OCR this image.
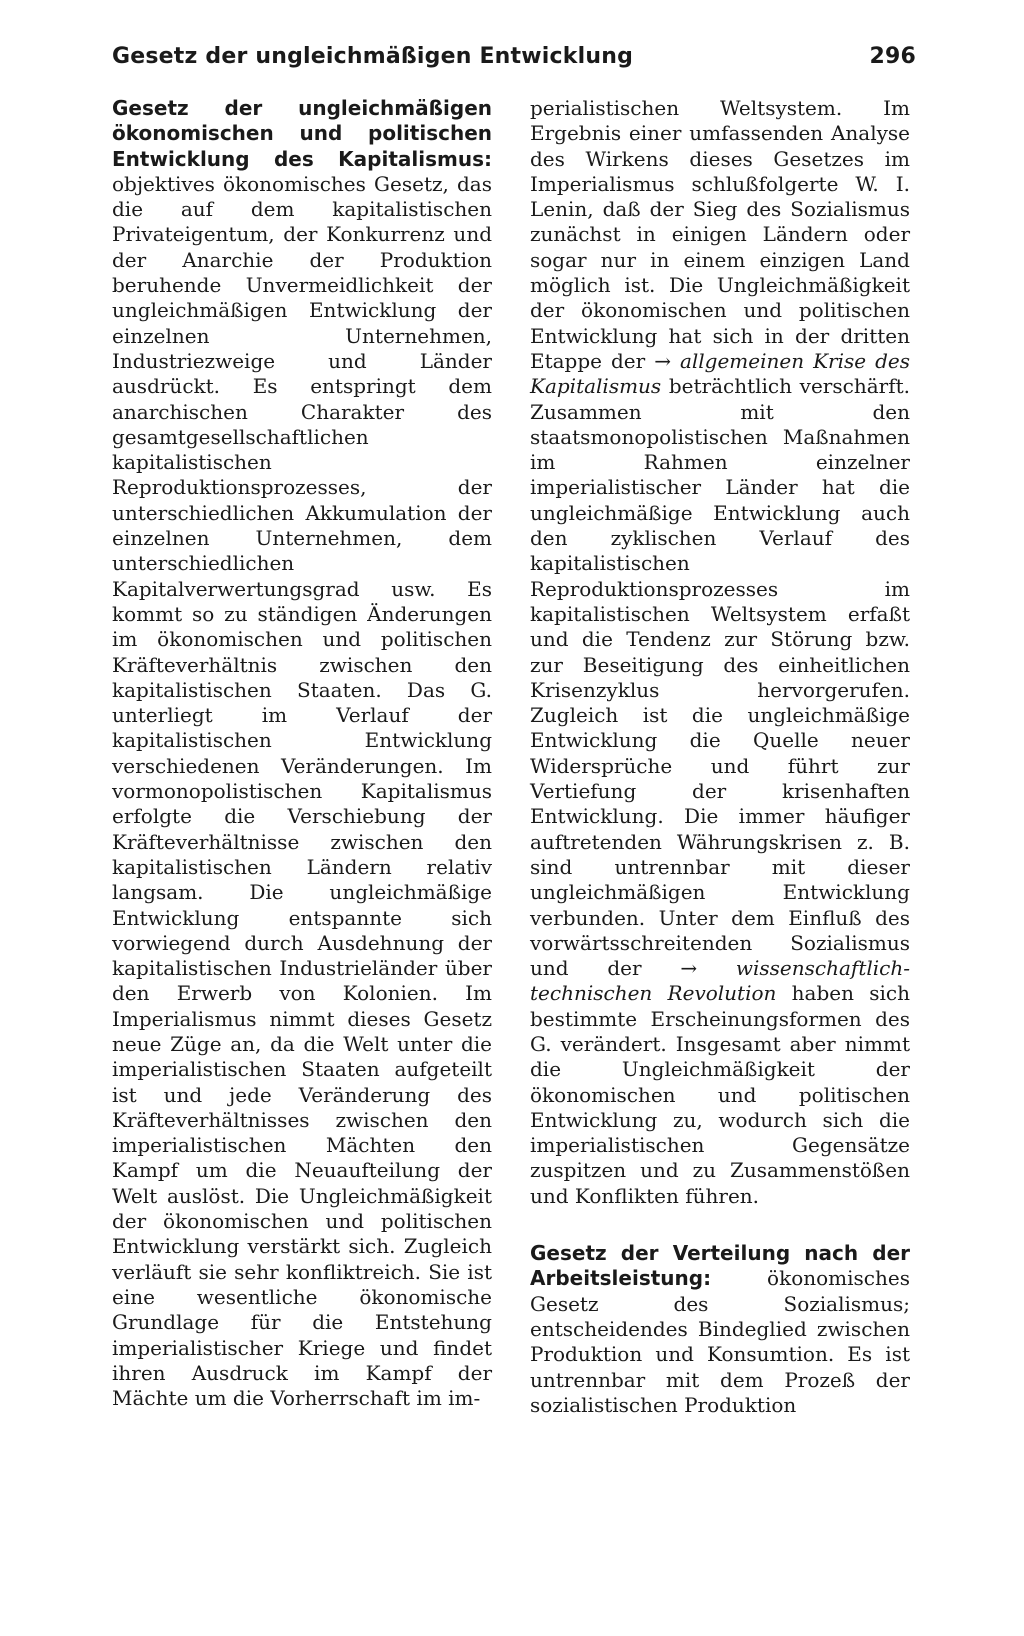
Gesetz der ungleichmäßigen Entwicklung	296

Gesetz der ungleichmäßigen ökonomischen und politischen Entwicklung des Kapitalismus: objektives ökonomisches Gesetz, das die auf dem kapitalistischen Privateigentum, der Konkurrenz und der Anarchie der Produktion beruhende Unvermeidlichkeit der ungleichmäßigen Entwicklung der einzelnen Unternehmen, Industriezweige und Länder ausdrückt. Es entspringt dem anarchischen Charakter des gesamtgesellschaftlichen kapitalistischen Reproduktionsprozesses, der unterschiedlichen Akkumulation der einzelnen Unternehmen, dem unterschiedlichen Kapitalverwertungsgrad usw. Es kommt so zu ständigen Änderungen im ökonomischen und politischen Kräfteverhältnis zwischen den kapitalistischen Staaten. Das G. unterliegt im Verlauf der kapitalistischen Entwicklung verschiedenen Veränderungen. Im vormonopolistischen Kapitalismus erfolgte die Verschiebung der Kräfteverhältnisse zwischen den kapitalistischen Ländern relativ langsam. Die ungleichmäßige Entwicklung entspannte sich vorwiegend durch Ausdehnung der kapitalistischen Industrieländer über den Erwerb von Kolonien. Im Imperialismus nimmt dieses Gesetz neue Züge an, da die Welt unter die imperialistischen Staaten aufgeteilt ist und jede Veränderung des Kräfteverhältnisses zwischen den imperialistischen Mächten den Kampf um die Neuaufteilung der Welt auslöst. Die Ungleichmäßigkeit der ökonomischen und politischen Entwicklung verstärkt sich. Zugleich verläuft sie sehr konfliktreich. Sie ist eine wesentliche ökonomische Grundlage für die Entstehung imperialistischer Kriege und findet ihren Ausdruck im Kampf der Mächte um die Vorherrschaft im im-

perialistischen Weltsystem. Im Ergebnis einer umfassenden Analyse des Wirkens dieses Gesetzes im Imperialismus schlußfolgerte W. I. Lenin, daß der Sieg des Sozialismus zunächst in einigen Ländern oder sogar nur in einem einzigen Land möglich ist. Die Ungleichmäßigkeit der ökonomischen und politischen Entwicklung hat sich in der dritten Etappe der → allgemeinen Krise des Kapitalismus beträchtlich verschärft. Zusammen mit den staatsmonopolistischen Maßnahmen im Rahmen einzelner imperialistischer Länder hat die ungleichmäßige Entwicklung auch den zyklischen Verlauf des kapitalistischen Reproduktionsprozesses im kapitalistischen Weltsystem erfaßt und die Tendenz zur Störung bzw. zur Beseitigung des einheitlichen Krisenzyklus hervorgerufen. Zugleich ist die ungleichmäßige Entwicklung die Quelle neuer Widersprüche und führt zur Vertiefung der krisenhaften Entwicklung. Die immer häufiger auftretenden Währungskrisen z. B. sind untrennbar mit dieser ungleichmäßigen Entwicklung verbunden. Unter dem Einfluß des vorwärtsschreitenden Sozialismus und der → wissenschaftlich-technischen Revolution haben sich bestimmte Erscheinungsformen des G. verändert. Insgesamt aber nimmt die Ungleichmäßigkeit der ökonomischen und politischen Entwicklung zu, wodurch sich die imperialistischen Gegensätze zuspitzen und zu Zusammenstößen und Konflikten führen.

Gesetz der Verteilung nach der Arbeitsleistung: ökonomisches Gesetz des Sozialismus; entscheidendes Bindeglied zwischen Produktion und Konsumtion. Es ist untrennbar mit dem Prozeß der sozialistischen Produktion
